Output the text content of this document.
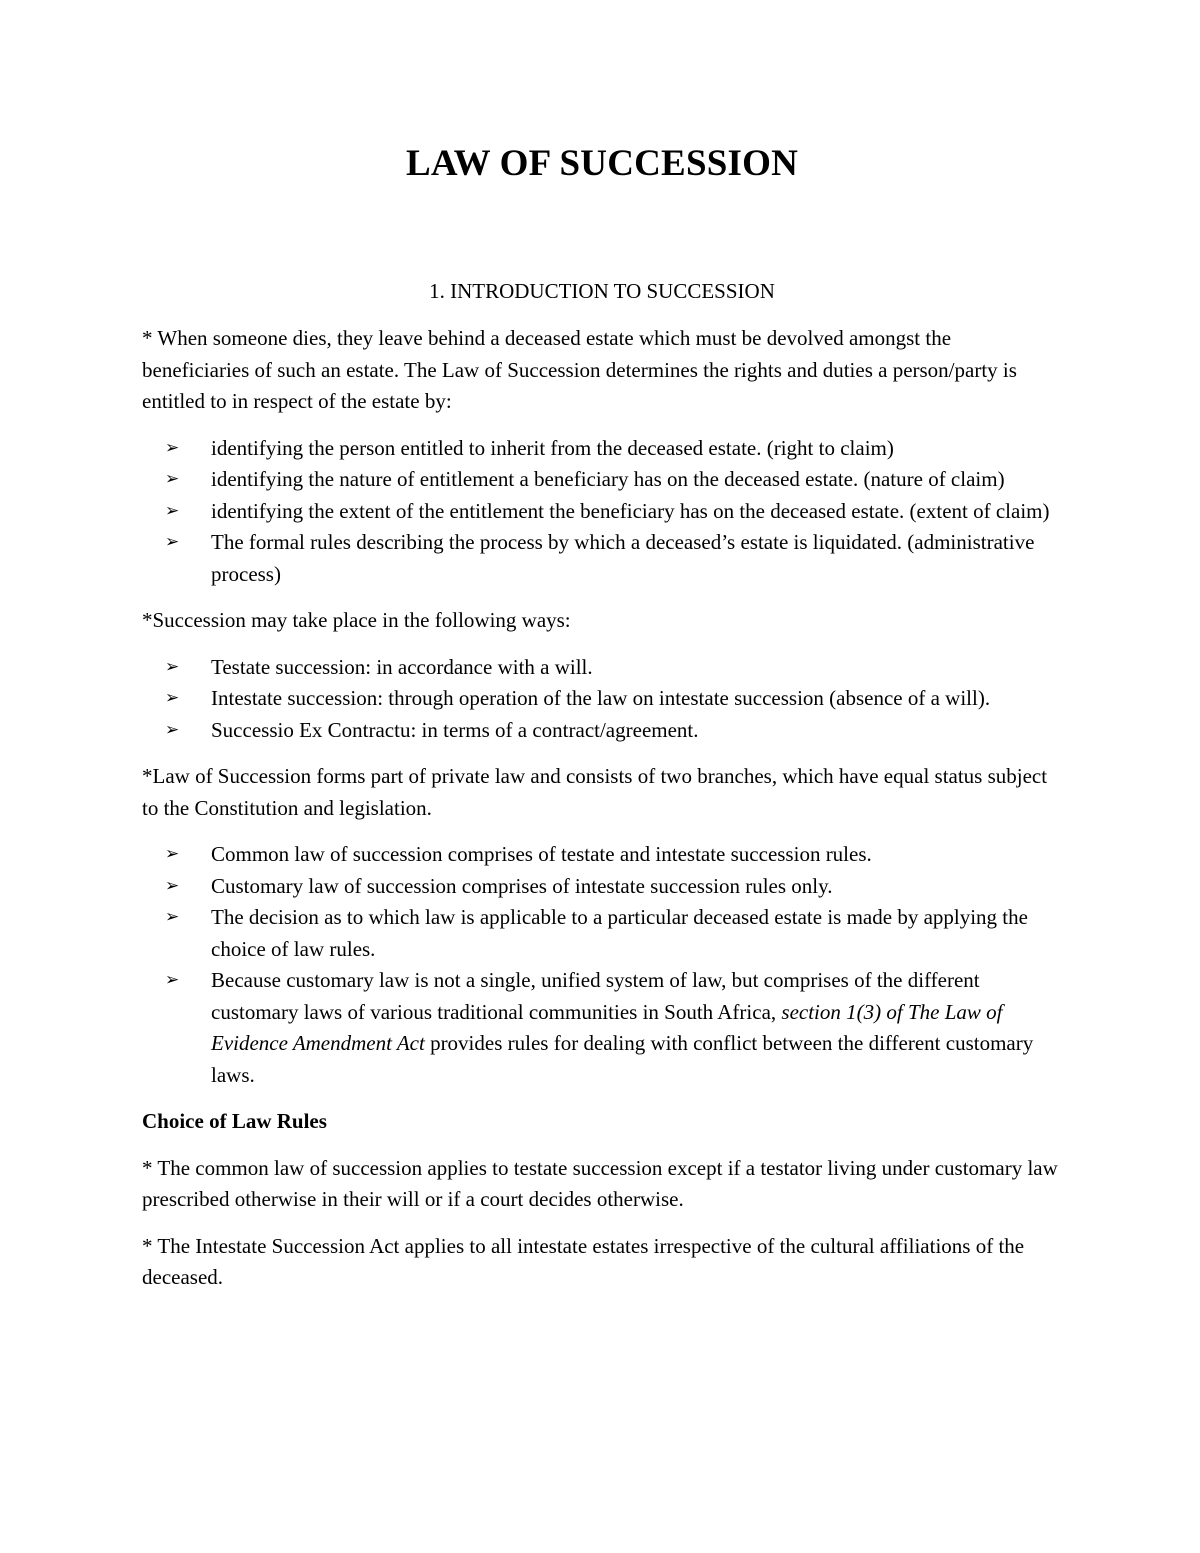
LAW OF SUCCESSION
1. INTRODUCTION TO SUCCESSION

* When someone dies, they leave behind a deceased estate which must be devolved amongst the beneficiaries of such an estate. The Law of Succession determines the rights and duties a person/party is entitled to in respect of the estate by:

➢ identifying the person entitled to inherit from the deceased estate. (right to claim)
➢ identifying the nature of entitlement a beneficiary has on the deceased estate. (nature of claim)
➢ identifying the extent of the entitlement the beneficiary has on the deceased estate. (extent of claim)
➢ The formal rules describing the process by which a deceased’s estate is liquidated. (administrative process)

*Succession may take place in the following ways:

➢ Testate succession: in accordance with a will.
➢ Intestate succession: through operation of the law on intestate succession (absence of a will).
➢ Successio Ex Contractu: in terms of a contract/agreement.

*Law of Succession forms part of private law and consists of two branches, which have equal status subject to the Constitution and legislation.

➢ Common law of succession comprises of testate and intestate succession rules.
➢ Customary law of succession comprises of intestate succession rules only.
➢ The decision as to which law is applicable to a particular deceased estate is made by applying the choice of law rules.
➢ Because customary law is not a single, unified system of law, but comprises of the different customary laws of various traditional communities in South Africa, section 1(3) of The Law of Evidence Amendment Act provides rules for dealing with conflict between the different customary laws.

Choice of Law Rules

* The common law of succession applies to testate succession except if a testator living under customary law prescribed otherwise in their will or if a court decides otherwise.

* The Intestate Succession Act applies to all intestate estates irrespective of the cultural affiliations of the deceased.
